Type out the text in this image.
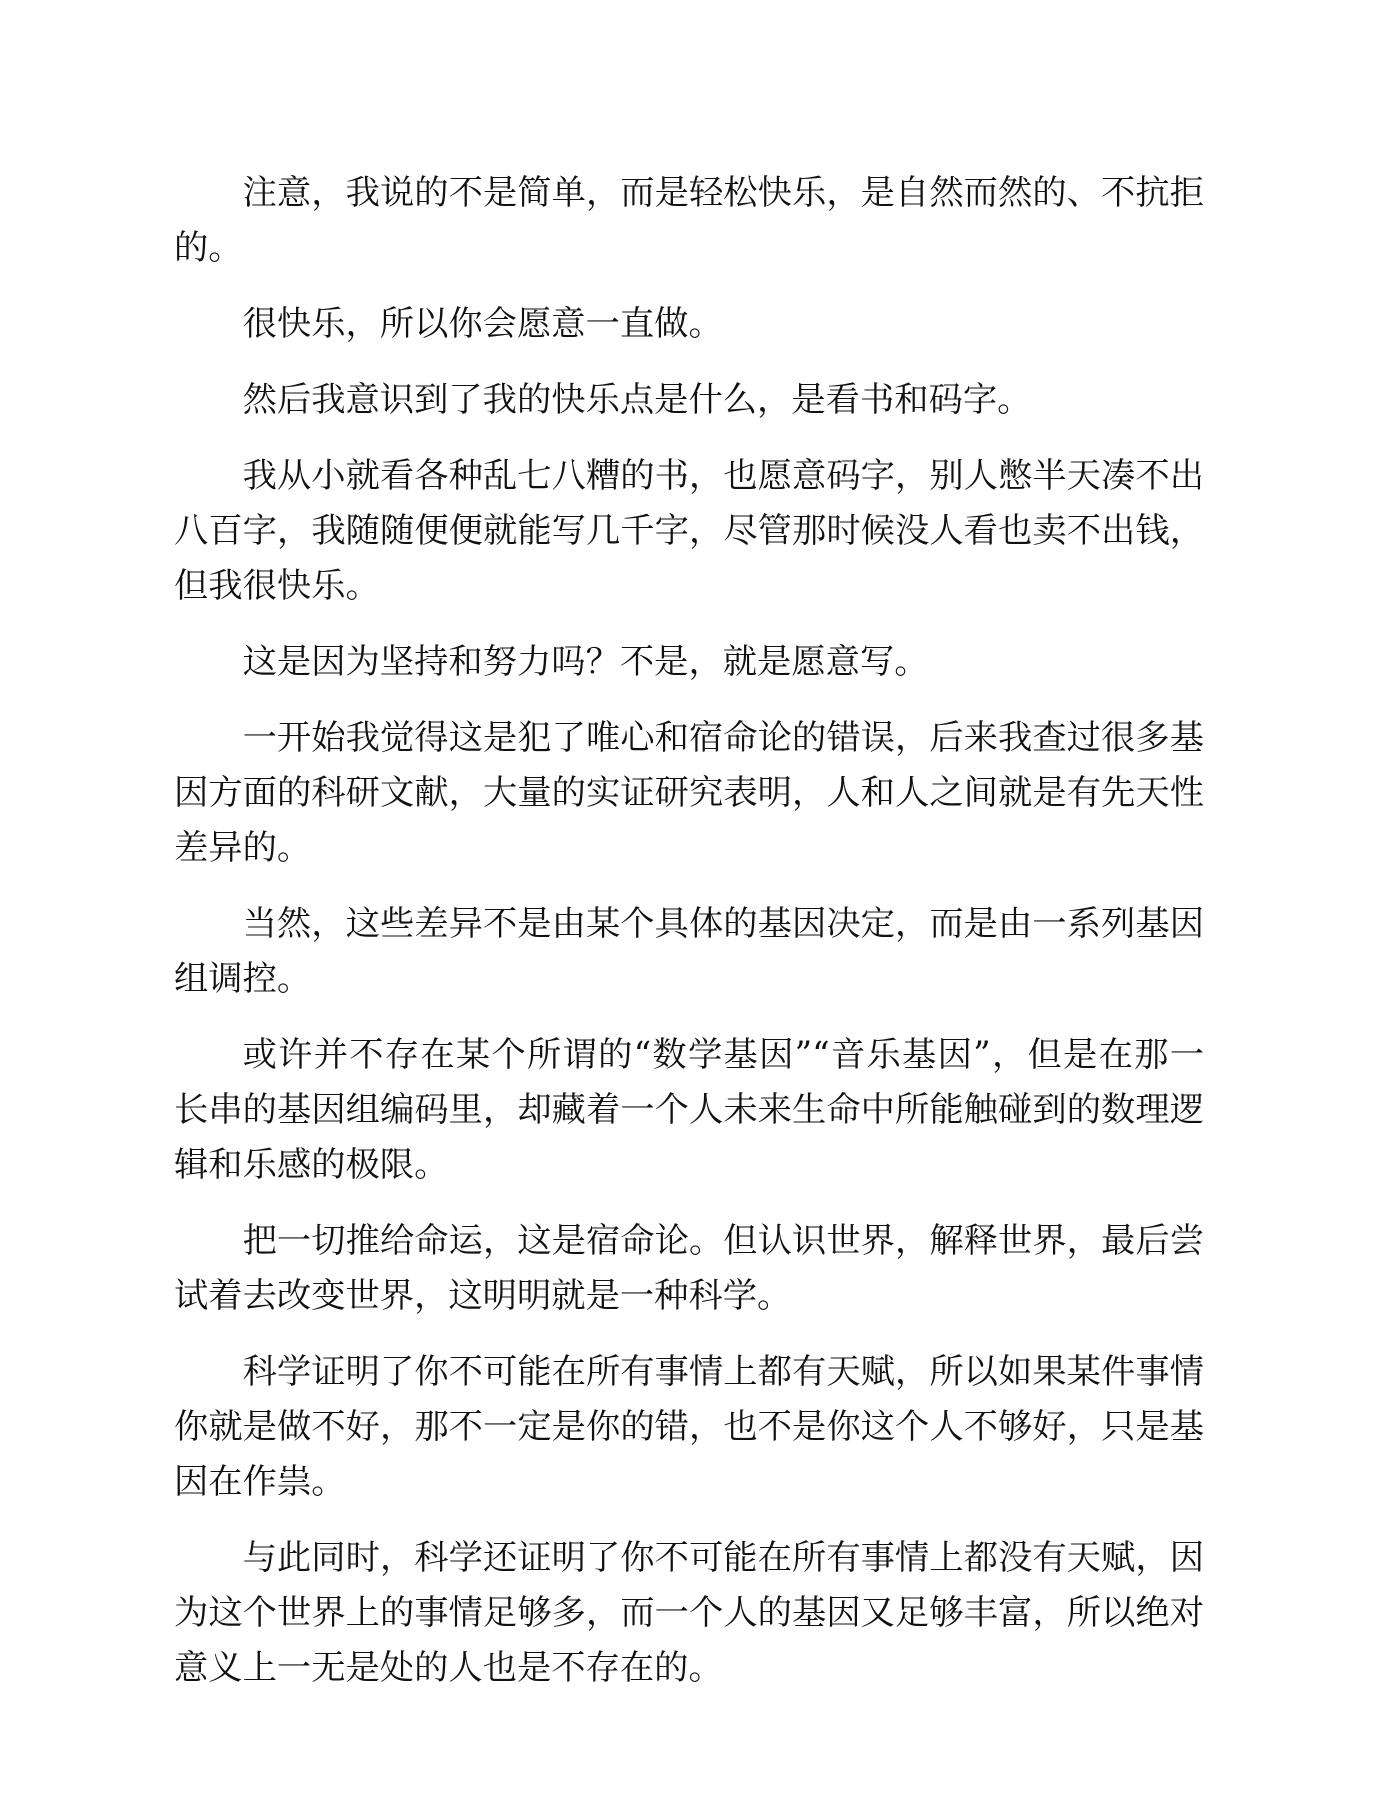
注意，我说的不是简单，而是轻松快乐，是自然而然的、不抗拒的。

很快乐，所以你会愿意一直做。

然后我意识到了我的快乐点是什么，是看书和码字。

我从小就看各种乱七八糟的书，也愿意码字，别人憋半天凑不出八百字，我随随便便就能写几千字，尽管那时候没人看也卖不出钱，但我很快乐。

这是因为坚持和努力吗？不是，就是愿意写。

一开始我觉得这是犯了唯心和宿命论的错误，后来我查过很多基因方面的科研文献，大量的实证研究表明，人和人之间就是有先天性差异的。

当然，这些差异不是由某个具体的基因决定，而是由一系列基因组调控。

或许并不存在某个所谓的“数学基因”“音乐基因”，但是在那一长串的基因组编码里，却藏着一个人未来生命中所能触碰到的数理逻辑和乐感的极限。

把一切推给命运，这是宿命论。但认识世界，解释世界，最后尝试着去改变世界，这明明就是一种科学。

科学证明了你不可能在所有事情上都有天赋，所以如果某件事情你就是做不好，那不一定是你的错，也不是你这个人不够好，只是基因在作祟。

与此同时，科学还证明了你不可能在所有事情上都没有天赋，因为这个世界上的事情足够多，而一个人的基因又足够丰富，所以绝对意义上一无是处的人也是不存在的。
